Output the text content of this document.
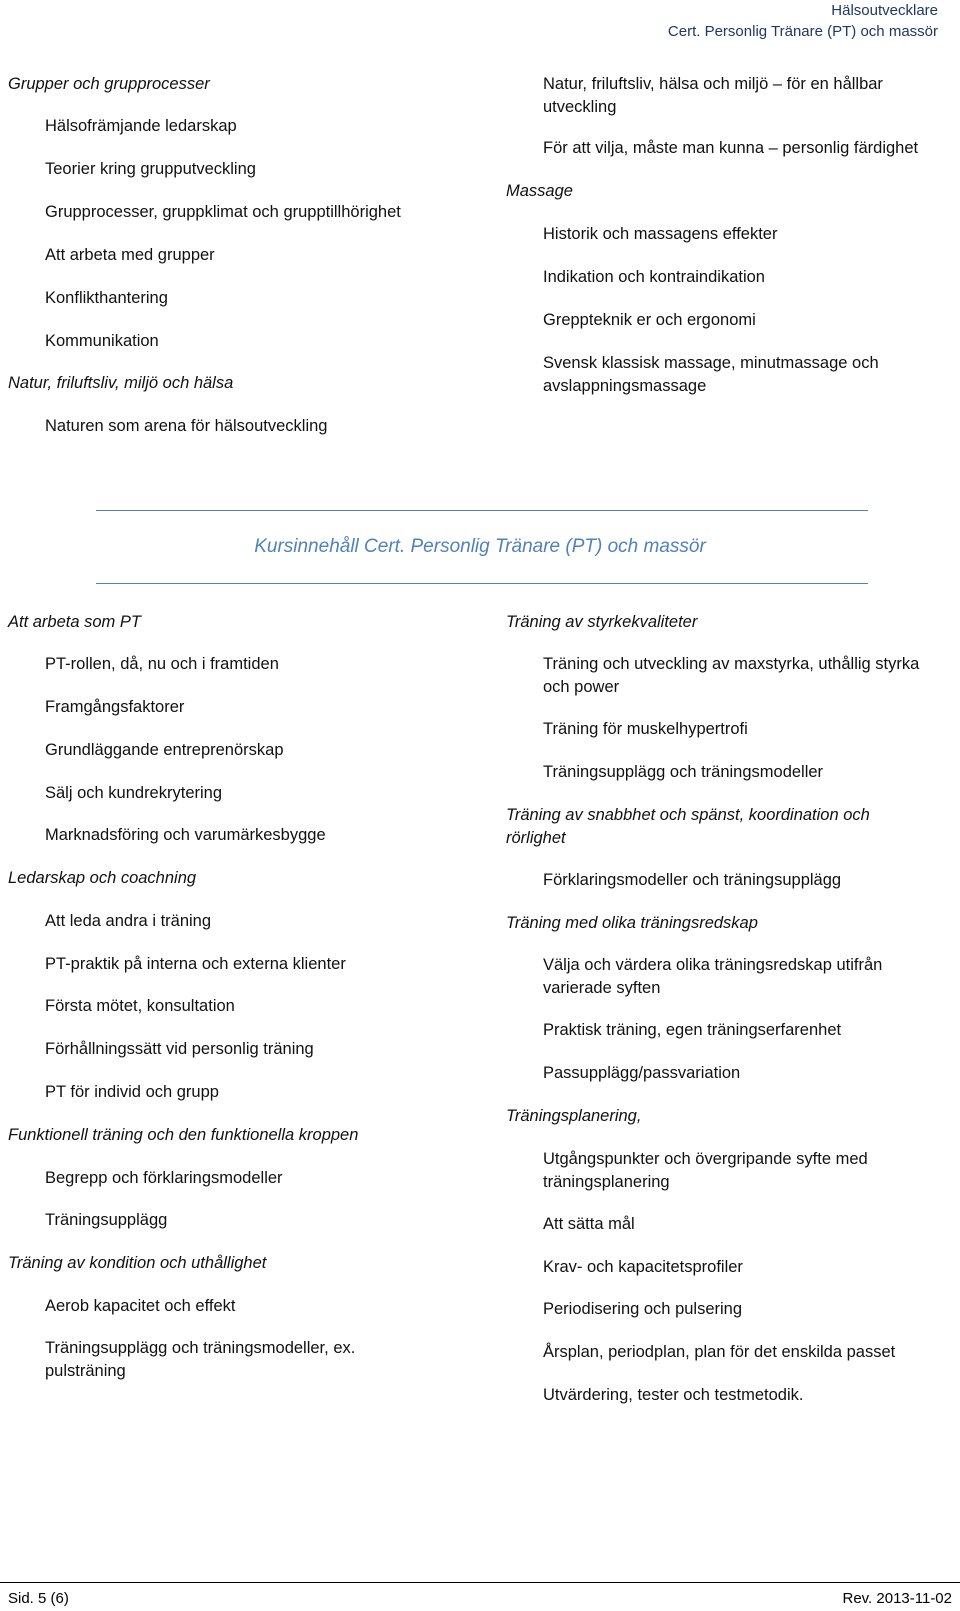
Hälsoutvecklare
Cert. Personlig Tränare (PT) och massör
Grupper och grupprocesser
Hälsofrämjande ledarskap
Teorier kring grupputveckling
Grupprocesser, gruppklimat och grupptillhörighet
Att arbeta med grupper
Konflikthantering
Kommunikation
Natur, friluftsliv, miljö och hälsa
Naturen som arena för hälsoutveckling
Natur, friluftsliv, hälsa och miljö – för en hållbar
utveckling
För att vilja, måste man kunna – personlig färdighet
Massage
Historik och massagens effekter
Indikation och kontraindikation
Greppteknik er och ergonomi
Svensk klassisk massage, minutmassage och
avslappningsmassage
Kursinnehåll Cert. Personlig Tränare (PT) och massör
Att arbeta som PT
PT-rollen, då, nu och i framtiden
Framgångsfaktorer
Grundläggande entreprenörskap
Sälj och kundrekrytering
Marknadsföring och varumärkesbygge
Ledarskap och coachning
Att leda andra i träning
PT-praktik på interna och externa klienter
Första mötet, konsultation
Förhållningssätt vid personlig träning
PT för individ och grupp
Funktionell träning och den funktionella kroppen
Begrepp och förklaringsmodeller
Träningsupplägg
Träning av kondition och uthållighet
Aerob kapacitet och effekt
Träningsupplägg och träningsmodeller, ex.
pulsträning
Träning av styrkekvaliteter
Träning och utveckling av maxstyrka, uthållig styrka
och power
Träning för muskelhypertrofi
Träningsupplägg och träningsmodeller
Träning av snabbhet och spänst, koordination och
rörlighet
Förklaringsmodeller och träningsupplägg
Träning med olika träningsredskap
Välja och värdera olika träningsredskap utifrån
varierade syften
Praktisk träning, egen träningserfarenhet
Passupplägg/passvariation
Träningsplanering,
Utgångspunkter och övergripande syfte med
träningsplanering
Att sätta mål
Krav- och kapacitetsprofiler
Periodisering och pulsering
Årsplan, periodplan, plan för det enskilda passet
Utvärdering, tester och testmetodik.
Sid. 5 (6)	Rev. 2013-11-02
